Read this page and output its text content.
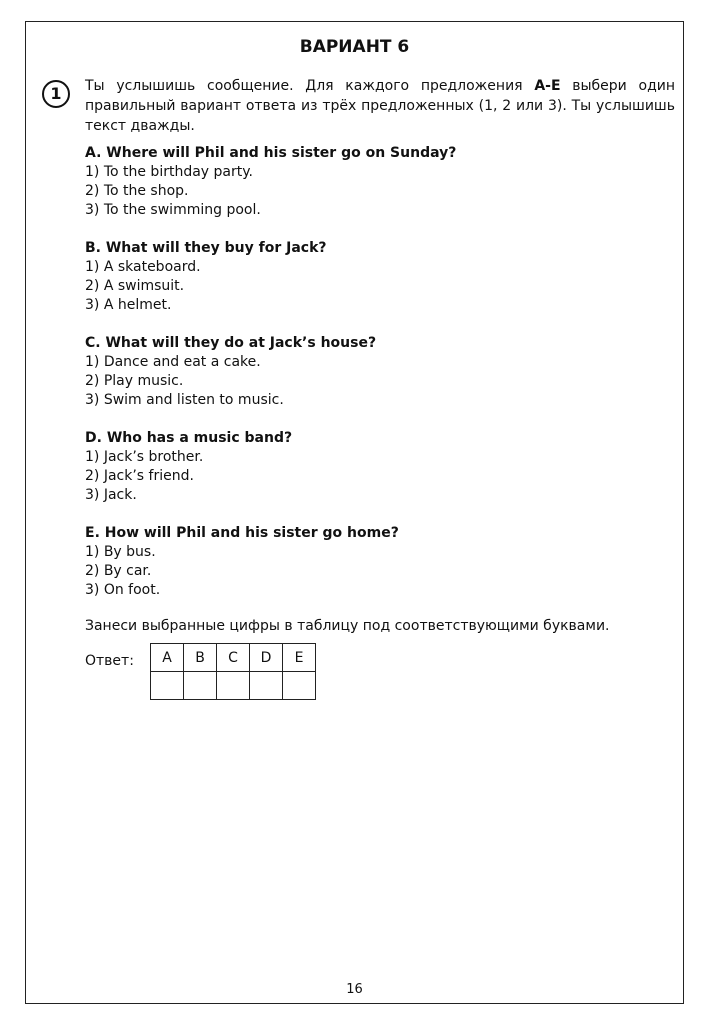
ВАРИАНТ 6
1	Ты услышишь сообщение. Для каждого предложения A-E выбери один правильный вариант ответа из трёх предложенных (1, 2 или 3). Ты услышишь текст дважды.
A. Where will Phil and his sister go on Sunday?
1) To the birthday party.
2) To the shop.
3) To the swimming pool.
B. What will they buy for Jack?
1) A skateboard.
2) A swimsuit.
3) A helmet.
C. What will they do at Jack’s house?
1) Dance and eat a cake.
2) Play music.
3) Swim and listen to music.
D. Who has a music band?
1) Jack’s brother.
2) Jack’s friend.
3) Jack.
E. How will Phil and his sister go home?
1) By bus.
2) By car.
3) On foot.
Занеси выбранные цифры в таблицу под соответствующими буквами.
Ответ: A	B	C	D	E

16
